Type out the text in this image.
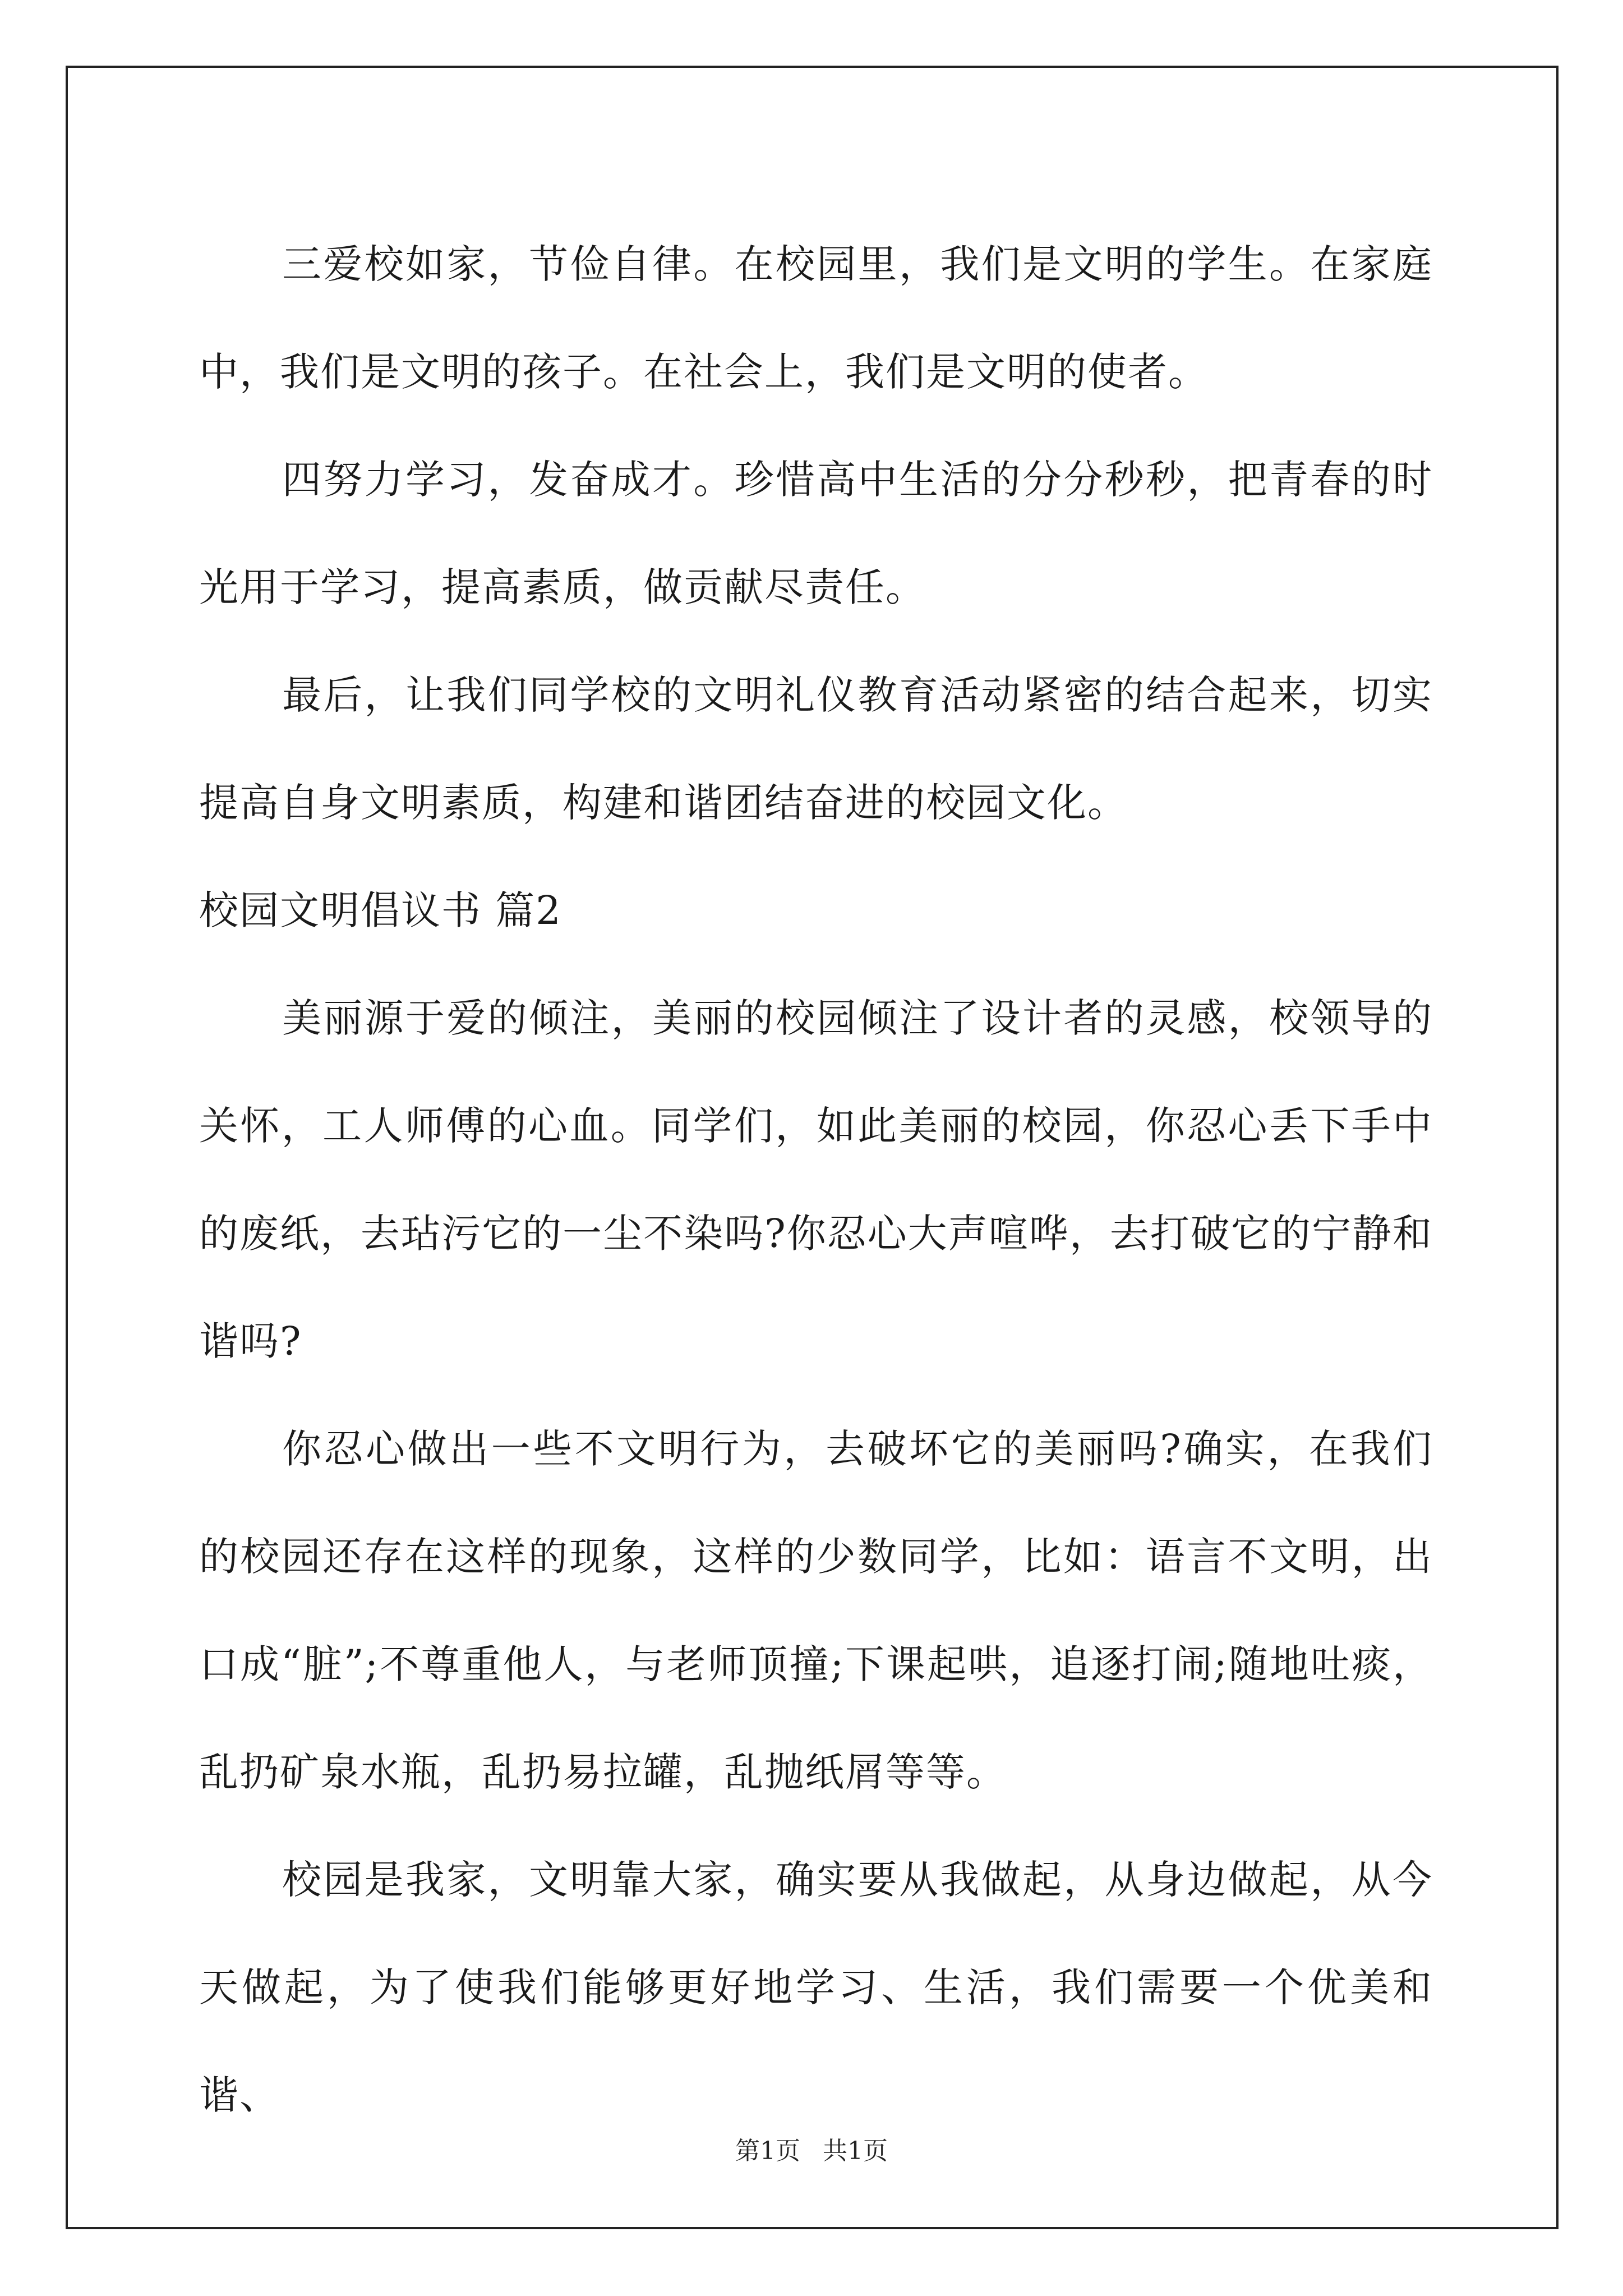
三爱校如家，节俭自律。在校园里，我们是文明的学生。在家庭中，我们是文明的孩子。在社会上，我们是文明的使者。

四努力学习，发奋成才。珍惜高中生活的分分秒秒，把青春的时光用于学习，提高素质，做贡献尽责任。

最后，让我们同学校的文明礼仪教育活动紧密的结合起来，切实提高自身文明素质，构建和谐团结奋进的校园文化。

校园文明倡议书 篇2

美丽源于爱的倾注，美丽的校园倾注了设计者的灵感，校领导的关怀，工人师傅的心血。同学们，如此美丽的校园，你忍心丢下手中的废纸，去玷污它的一尘不染吗?你忍心大声喧哗，去打破它的宁静和谐吗?

你忍心做出一些不文明行为，去破坏它的美丽吗?确实，在我们的校园还存在这样的现象，这样的少数同学，比如：语言不文明，出口成“脏”;不尊重他人，与老师顶撞;下课起哄，追逐打闹;随地吐痰，乱扔矿泉水瓶，乱扔易拉罐，乱抛纸屑等等。

校园是我家，文明靠大家，确实要从我做起，从身边做起，从今天做起，为了使我们能够更好地学习、生活，我们需要一个优美和谐、

第1页 共1页
